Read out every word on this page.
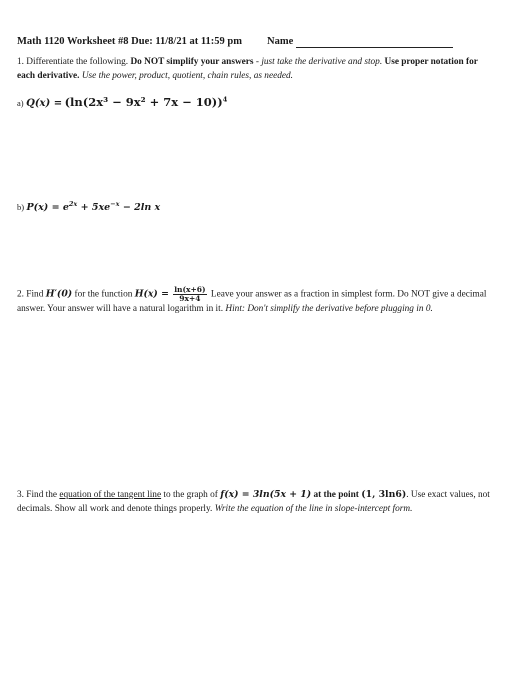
Math 1120 Worksheet #8 Due: 11/8/21 at 11:59 pm Name
1. Differentiate the following. Do NOT simplify your answers - just take the derivative and stop. Use proper notation for each derivative. Use the power, product, quotient, chain rules, as needed.
a) $Q(x) = (\ln(2x^3 - 9x^2 + 7x - 10))^4$
b) $P(x) = e^{2x} + 5xe^{-x} - 2\ln$ x
2. Find H′(0) for the function $H(x) = \frac{\ln(x+6)}{9x+4}$ Leave your answer as a fraction in simplest form. Do NOT give a decimal answer. Your answer will have a natural logarithm in it. Hint: Don't simplify the derivative before plugging in 0.
3. Find the equation of the tangent line to the graph of f(x) = 3ln(5x + 1) at the point (1, 3ln6). Use exact values, not decimals. Show all work and denote things properly. Write the equation of the line in slope-intercept form.
